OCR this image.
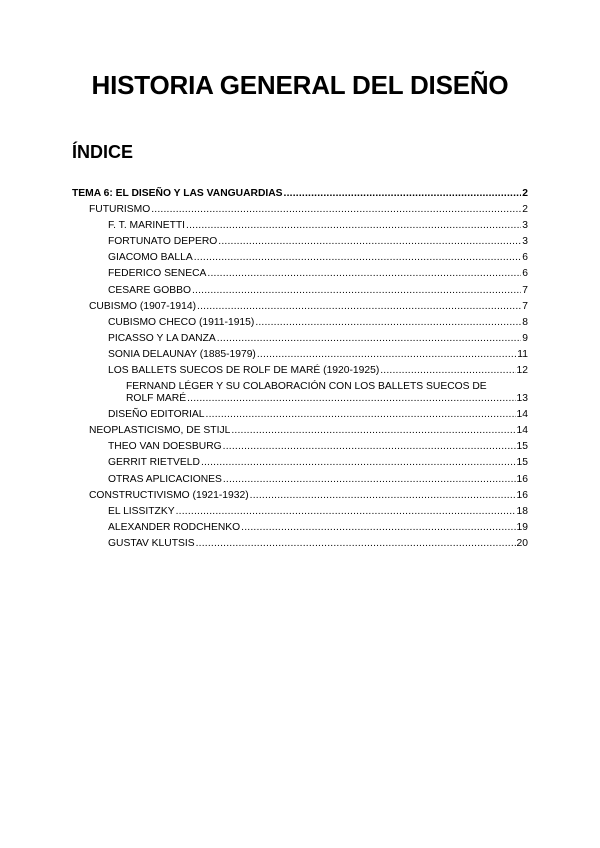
HISTORIA GENERAL DEL DISEÑO
ÍNDICE
TEMA 6: EL DISEÑO Y LAS VANGUARDIAS .....	2
FUTURISMO .....	2
F. T. MARINETTI .....	3
FORTUNATO DEPERO .....	3
GIACOMO BALLA .....	6
FEDERICO SENECA .....	6
CESARE GOBBO .....	7
CUBISMO (1907-1914) .....	7
CUBISMO CHECO (1911-1915) .....	8
PICASSO Y LA DANZA .....	9
SONIA DELAUNAY (1885-1979) .....	11
LOS BALLETS SUECOS DE ROLF DE MARÉ (1920-1925) .....	12
FERNAND LÉGER Y SU COLABORACIÓN CON LOS BALLETS SUECOS DE
ROLF MARÉ .....	13
DISEÑO EDITORIAL .....	14
NEOPLASTICISMO, DE STIJL .....	14
THEO VAN DOESBURG .....	15
GERRIT RIETVELD .....	15
OTRAS APLICACIONES .....	16
CONSTRUCTIVISMO (1921-1932) .....	16
EL LISSITZKY .....	18
ALEXANDER RODCHENKO .....	19
GUSTAV KLUTSIS .....	20
